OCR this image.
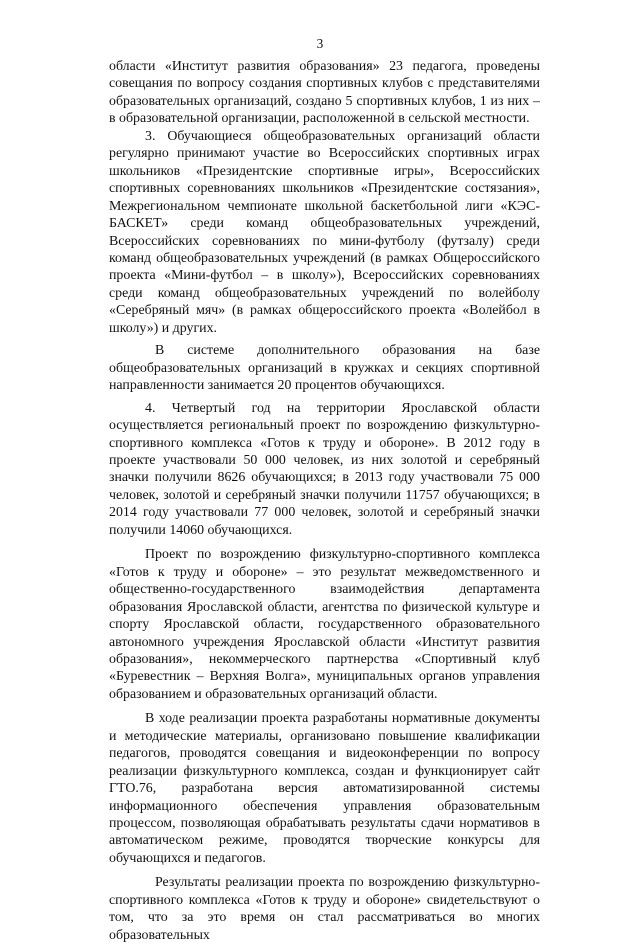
3

области «Институт развития образования» 23 педагога, проведены совещания по вопросу создания спортивных клубов с представителями образовательных организаций, создано 5 спортивных клубов, 1 из них – в образовательной организации, расположенной в сельской местности.

3. Обучающиеся общеобразовательных организаций области регулярно принимают участие во Всероссийских спортивных играх школьников «Президентские спортивные игры», Всероссийских спортивных соревнованиях школьников «Президентские состязания», Межрегиональном чемпионате школьной баскетбольной лиги «КЭС-БАСКЕТ» среди команд общеобразовательных учреждений, Всероссийских соревнованиях по мини-футболу (футзалу) среди команд общеобразовательных учреждений (в рамках Общероссийского проекта «Мини-футбол – в школу»), Всероссийских соревнованиях среди команд общеобразовательных учреждений по волейболу «Серебряный мяч» (в рамках общероссийского проекта «Волейбол в школу») и других.

В системе дополнительного образования на базе общеобразовательных организаций в кружках и секциях спортивной направленности занимается 20 процентов обучающихся.

4. Четвертый год на территории Ярославской области осуществляется региональный проект по возрождению физкультурно-спортивного комплекса «Готов к труду и обороне». В 2012 году в проекте участвовали 50 000 человек, из них золотой и серебряный значки получили 8626 обучающихся; в 2013 году участвовали 75 000 человек, золотой и серебряный значки получили 11757 обучающихся; в 2014 году участвовали 77 000 человек, золотой и серебряный значки получили 14060 обучающихся.

Проект по возрождению физкультурно-спортивного комплекса «Готов к труду и обороне» – это результат межведомственного и общественно-государственного взаимодействия департамента образования Ярославской области, агентства по физической культуре и спорту Ярославской области, государственного образовательного автономного учреждения Ярославской области «Институт развития образования», некоммерческого партнерства «Спортивный клуб «Буревестник – Верхняя Волга», муниципальных органов управления образованием и образовательных организаций области.

В ходе реализации проекта разработаны нормативные документы и методические материалы, организовано повышение квалификации педагогов, проводятся совещания и видеоконференции по вопросу реализации физкультурного комплекса, создан и функционирует сайт ГТО.76, разработана версия автоматизированной системы информационного обеспечения управления образовательным процессом, позволяющая обрабатывать результаты сдачи нормативов в автоматическом режиме, проводятся творческие конкурсы для обучающихся и педагогов.

Результаты реализации проекта по возрождению физкультурно-спортивного комплекса «Готов к труду и обороне» свидетельствуют о том, что за это время он стал рассматриваться во многих образовательных
